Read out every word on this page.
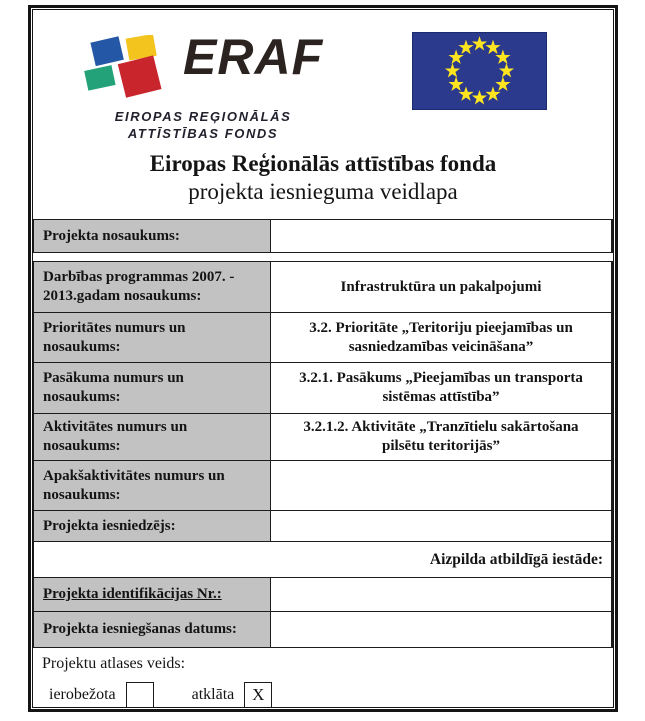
ERAF
EIROPAS REĢIONĀLĀS
ATTĪSTĪBAS FONDS
Eiropas Reģionālās attīstības fonda
projekta iesnieguma veidlapa
Projekta nosaukums:
Darbības programmas 2007. - 2013.gadam nosaukums:
Infrastruktūra un pakalpojumi
Prioritātes numurs un nosaukums:
3.2. Prioritāte „Teritoriju pieejamības un sasniedzamības veicināšana”
Pasākuma numurs un nosaukums:
3.2.1. Pasākums „Pieejamības un transporta sistēmas attīstība”
Aktivitātes numurs un nosaukums:
3.2.1.2. Aktivitāte „Tranzītielu sakārtošana pilsētu teritorijās”
Apakšaktivitātes numurs un nosaukums:
Projekta iesniedzējs:
Aizpilda atbildīgā iestāde:
Projekta identifikācijas Nr.:
Projekta iesniegšanas datums:
Projektu atlases veids:
ierobežota	atklāta	X
